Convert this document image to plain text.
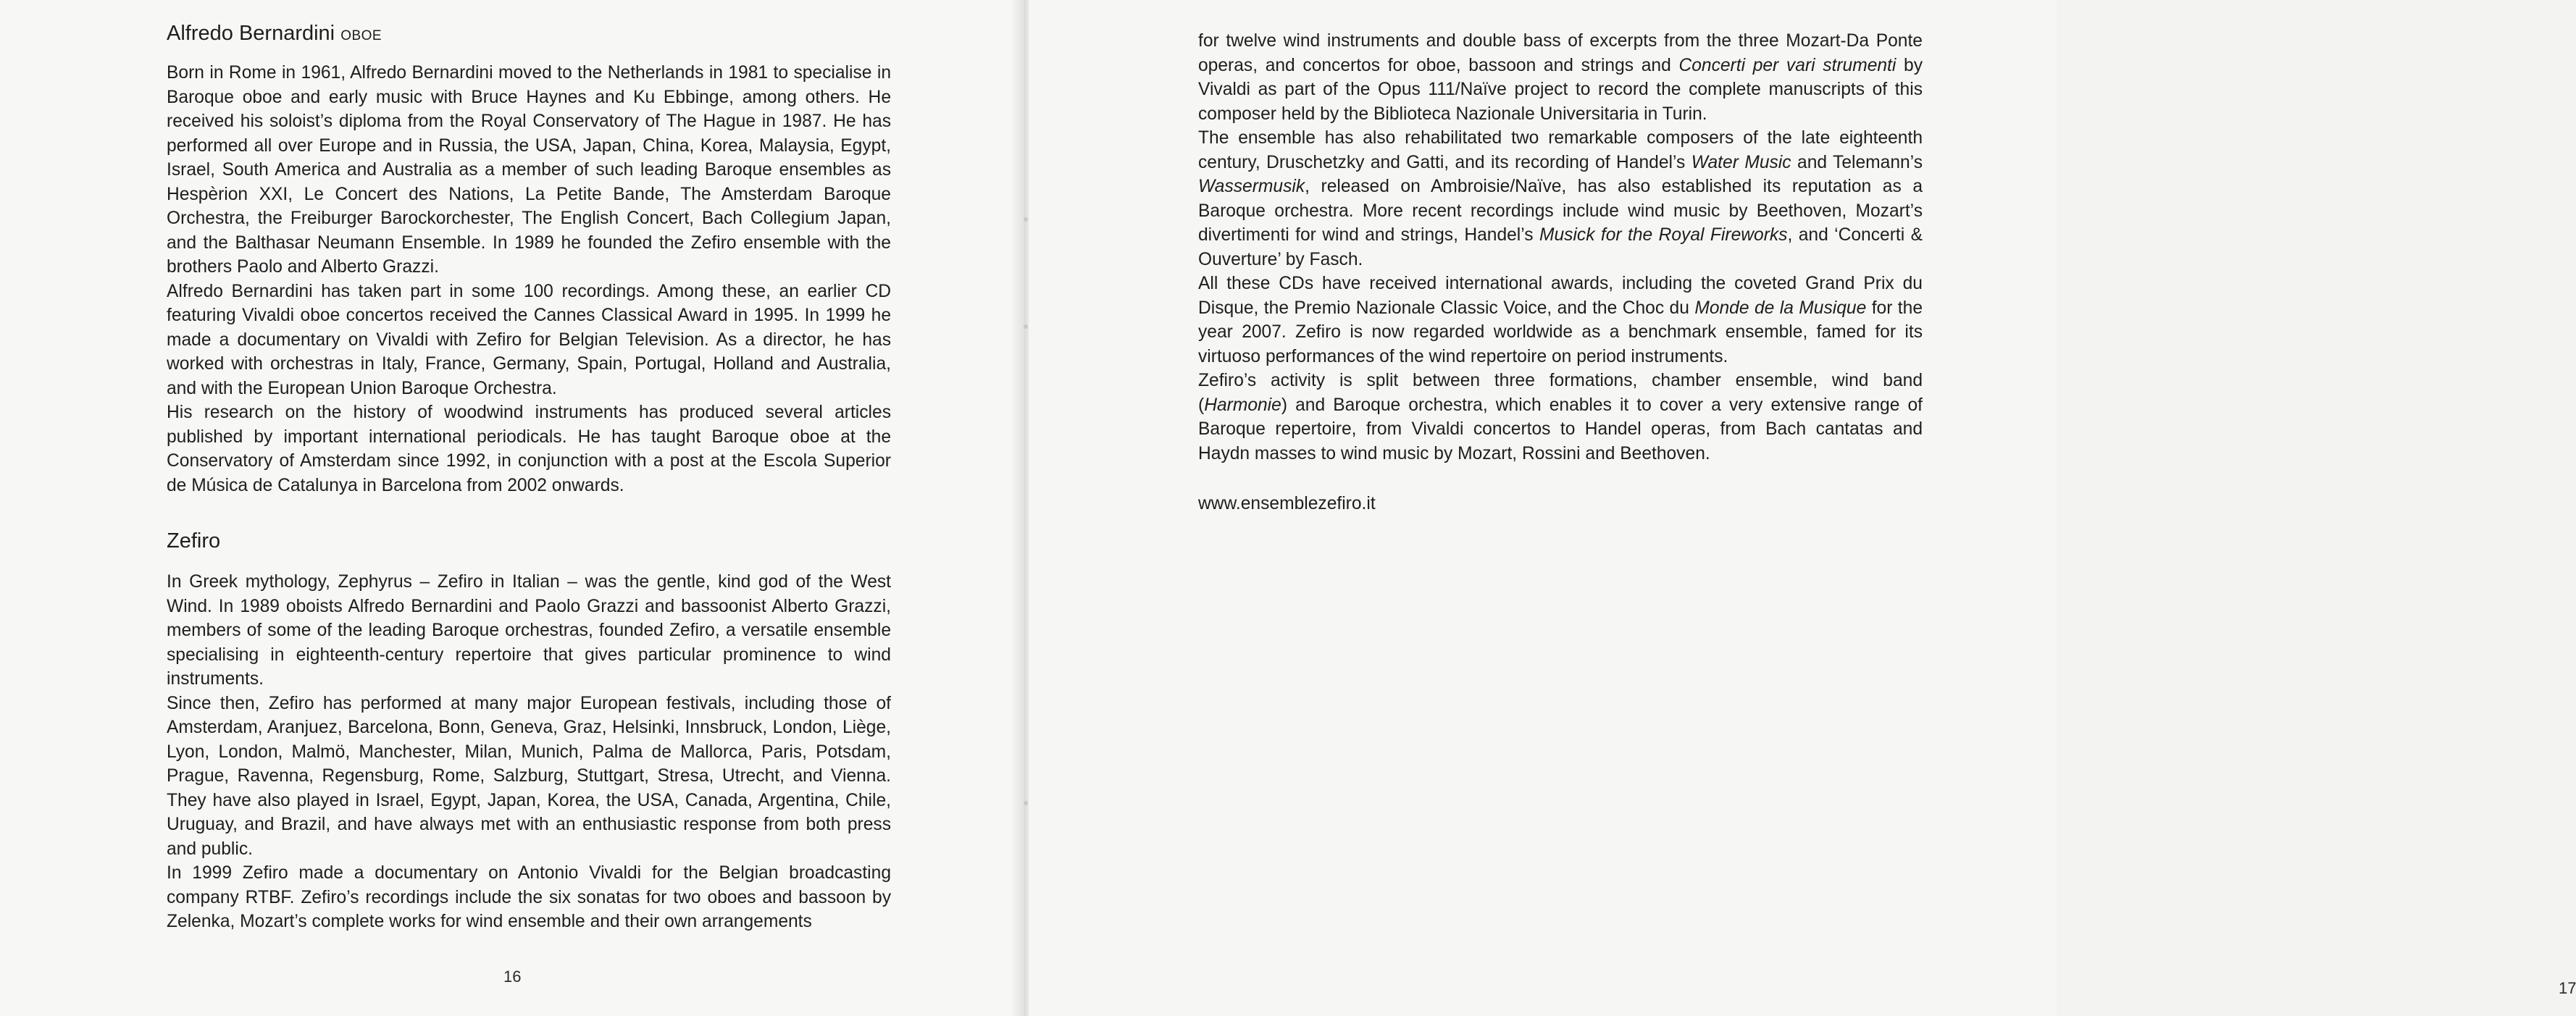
Alfredo Bernardini OBOE

Born in Rome in 1961, Alfredo Bernardini moved to the Netherlands in 1981 to specialise in Baroque oboe and early music with Bruce Haynes and Ku Ebbinge, among others. He received his soloist’s diploma from the Royal Conservatory of The Hague in 1987. He has performed all over Europe and in Russia, the USA, Japan, China, Korea, Malaysia, Egypt, Israel, South America and Australia as a member of such leading Baroque ensembles as Hespèrion XXI, Le Concert des Nations, La Petite Bande, The Amsterdam Baroque Orchestra, the Freiburger Barockorchester, The English Concert, Bach Collegium Japan, and the Balthasar Neumann Ensemble. In 1989 he founded the Zefiro ensemble with the brothers Paolo and Alberto Grazzi.

Alfredo Bernardini has taken part in some 100 recordings. Among these, an earlier CD featuring Vivaldi oboe concertos received the Cannes Classical Award in 1995. In 1999 he made a documentary on Vivaldi with Zefiro for Belgian Television. As a director, he has worked with orchestras in Italy, France, Germany, Spain, Portugal, Holland and Australia, and with the European Union Baroque Orchestra.

His research on the history of woodwind instruments has produced several articles published by important international periodicals. He has taught Baroque oboe at the Conservatory of Amsterdam since 1992, in conjunction with a post at the Escola Superior de Música de Catalunya in Barcelona from 2002 onwards.

Zefiro

In Greek mythology, Zephyrus – Zefiro in Italian – was the gentle, kind god of the West Wind. In 1989 oboists Alfredo Bernardini and Paolo Grazzi and bassoonist Alberto Grazzi, members of some of the leading Baroque orchestras, founded Zefiro, a versatile ensemble specialising in eighteenth-century repertoire that gives particular prominence to wind instruments.

Since then, Zefiro has performed at many major European festivals, including those of Amsterdam, Aranjuez, Barcelona, Bonn, Geneva, Graz, Helsinki, Innsbruck, London, Liège, Lyon, London, Malmö, Manchester, Milan, Munich, Palma de Mallorca, Paris, Potsdam, Prague, Ravenna, Regensburg, Rome, Salzburg, Stuttgart, Stresa, Utrecht, and Vienna. They have also played in Israel, Egypt, Japan, Korea, the USA, Canada, Argentina, Chile, Uruguay, and Brazil, and have always met with an enthusiastic response from both press and public.

In 1999 Zefiro made a documentary on Antonio Vivaldi for the Belgian broadcasting company RTBF. Zefiro’s recordings include the six sonatas for two oboes and bassoon by Zelenka, Mozart’s complete works for wind ensemble and their own arrangements

16
17

for twelve wind instruments and double bass of excerpts from the three Mozart-Da Ponte operas, and concertos for oboe, bassoon and strings and Concerti per vari strumenti by Vivaldi as part of the Opus 111/Naïve project to record the complete manuscripts of this composer held by the Biblioteca Nazionale Universitaria in Turin.

The ensemble has also rehabilitated two remarkable composers of the late eighteenth century, Druschetzky and Gatti, and its recording of Handel’s Water Music and Telemann’s Wassermusik, released on Ambroisie/Naïve, has also established its reputation as a Baroque orchestra. More recent recordings include wind music by Beethoven, Mozart’s divertimenti for wind and strings, Handel’s Musick for the Royal Fireworks, and ‘Concerti & Ouverture’ by Fasch.

All these CDs have received international awards, including the coveted Grand Prix du Disque, the Premio Nazionale Classic Voice, and the Choc du Monde de la Musique for the year 2007. Zefiro is now regarded worldwide as a benchmark ensemble, famed for its virtuoso performances of the wind repertoire on period instruments.

Zefiro’s activity is split between three formations, chamber ensemble, wind band (Harmonie) and Baroque orchestra, which enables it to cover a very extensive range of Baroque repertoire, from Vivaldi concertos to Handel operas, from Bach cantatas and Haydn masses to wind music by Mozart, Rossini and Beethoven.

www.ensemblezefiro.it
